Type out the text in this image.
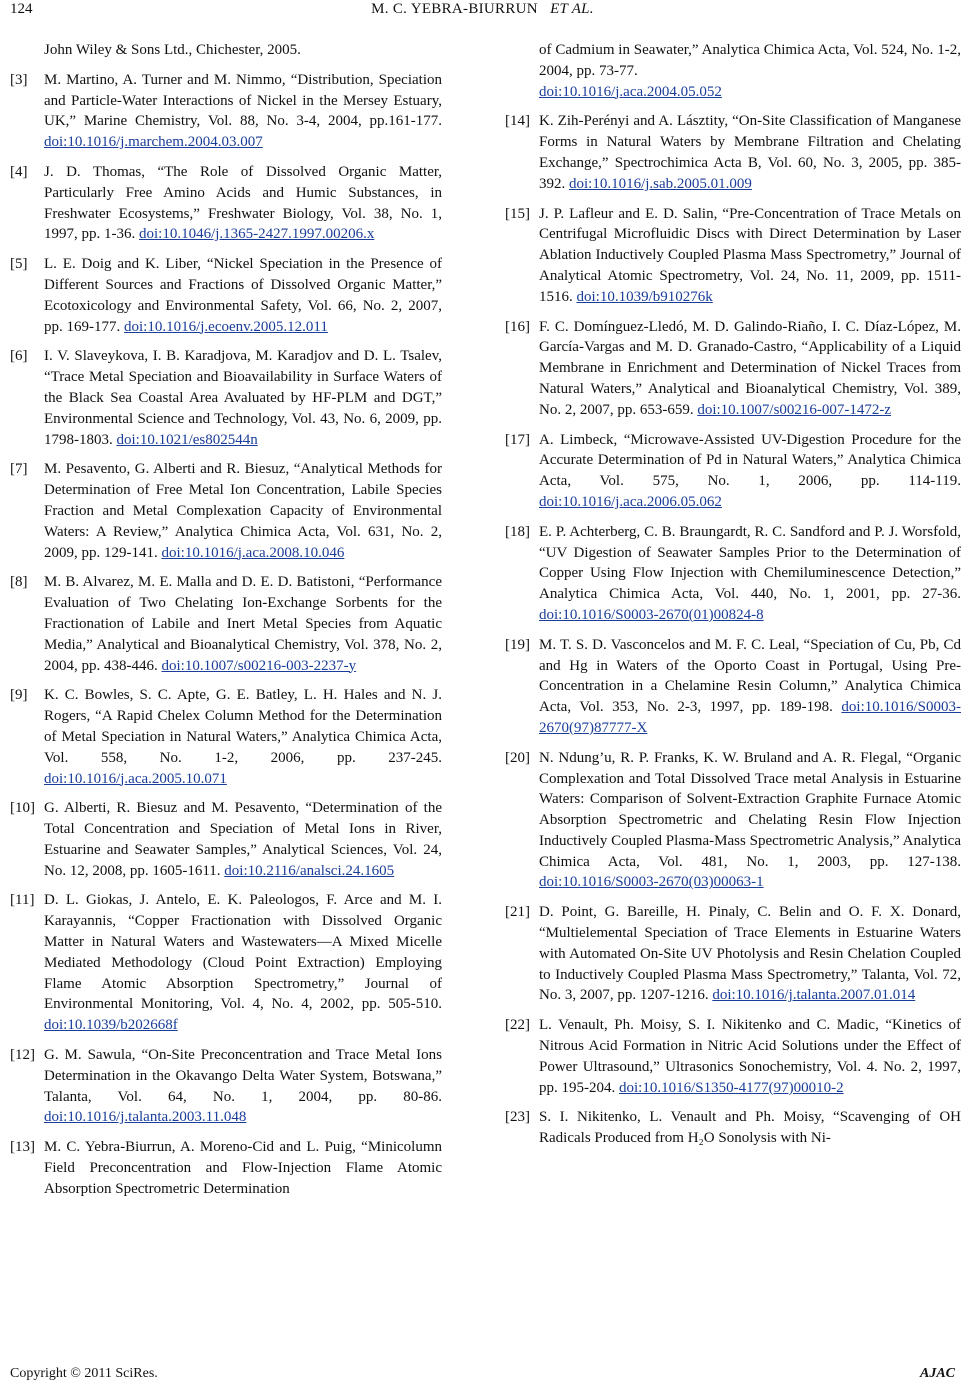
124	M. C. YEBRA-BIURRUN ET AL.
John Wiley & Sons Ltd., Chichester, 2005.
[3] M. Martino, A. Turner and M. Nimmo, “Distribution, Speciation and Particle-Water Interactions of Nickel in the Mersey Estuary, UK,” Marine Chemistry, Vol. 88, No. 3-4, 2004, pp.161-177. doi:10.1016/j.marchem.2004.03.007
[4] J. D. Thomas, “The Role of Dissolved Organic Matter, Particularly Free Amino Acids and Humic Substances, in Freshwater Ecosystems,” Freshwater Biology, Vol. 38, No. 1, 1997, pp. 1-36. doi:10.1046/j.1365-2427.1997.00206.x
[5] L. E. Doig and K. Liber, “Nickel Speciation in the Presence of Different Sources and Fractions of Dissolved Organic Matter,” Ecotoxicology and Environmental Safety, Vol. 66, No. 2, 2007, pp. 169-177. doi:10.1016/j.ecoenv.2005.12.011
[6] I. V. Slaveykova, I. B. Karadjova, M. Karadjov and D. L. Tsalev, “Trace Metal Speciation and Bioavailability in Surface Waters of the Black Sea Coastal Area Avaluated by HF-PLM and DGT,” Environmental Science and Technology, Vol. 43, No. 6, 2009, pp. 1798-1803. doi:10.1021/es802544n
[7] M. Pesavento, G. Alberti and R. Biesuz, “Analytical Methods for Determination of Free Metal Ion Concentration, Labile Species Fraction and Metal Complexation Capacity of Environmental Waters: A Review,” Analytica Chimica Acta, Vol. 631, No. 2, 2009, pp. 129-141. doi:10.1016/j.aca.2008.10.046
[8] M. B. Alvarez, M. E. Malla and D. E. D. Batistoni, “Performance Evaluation of Two Chelating Ion-Exchange Sorbents for the Fractionation of Labile and Inert Metal Species from Aquatic Media,” Analytical and Bioanalytical Chemistry, Vol. 378, No. 2, 2004, pp. 438-446. doi:10.1007/s00216-003-2237-y
[9] K. C. Bowles, S. C. Apte, G. E. Batley, L. H. Hales and N. J. Rogers, “A Rapid Chelex Column Method for the Determination of Metal Speciation in Natural Waters,” Analytica Chimica Acta, Vol. 558, No. 1-2, 2006, pp. 237-245. doi:10.1016/j.aca.2005.10.071
[10] G. Alberti, R. Biesuz and M. Pesavento, “Determination of the Total Concentration and Speciation of Metal Ions in River, Estuarine and Seawater Samples,” Analytical Sciences, Vol. 24, No. 12, 2008, pp. 1605-1611. doi:10.2116/analsci.24.1605
[11] D. L. Giokas, J. Antelo, E. K. Paleologos, F. Arce and M. I. Karayannis, “Copper Fractionation with Dissolved Organic Matter in Natural Waters and Wastewaters—A Mixed Micelle Mediated Methodology (Cloud Point Extraction) Employing Flame Atomic Absorption Spectrometry,” Journal of Environmental Monitoring, Vol. 4, No. 4, 2002, pp. 505-510. doi:10.1039/b202668f
[12] G. M. Sawula, “On-Site Preconcentration and Trace Metal Ions Determination in the Okavango Delta Water System, Botswana,” Talanta, Vol. 64, No. 1, 2004, pp. 80-86. doi:10.1016/j.talanta.2003.11.048
[13] M. C. Yebra-Biurrun, A. Moreno-Cid and L. Puig, “Minicolumn Field Preconcentration and Flow-Injection Flame Atomic Absorption Spectrometric Determination
of Cadmium in Seawater,” Analytica Chimica Acta, Vol. 524, No. 1-2, 2004, pp. 73-77.
doi:10.1016/j.aca.2004.05.052
[14] K. Zih-Perényi and A. Lásztity, “On-Site Classification of Manganese Forms in Natural Waters by Membrane Filtration and Chelating Exchange,” Spectrochimica Acta B, Vol. 60, No. 3, 2005, pp. 385-392. doi:10.1016/j.sab.2005.01.009
[15] J. P. Lafleur and E. D. Salin, “Pre-Concentration of Trace Metals on Centrifugal Microfluidic Discs with Direct Determination by Laser Ablation Inductively Coupled Plasma Mass Spectrometry,” Journal of Analytical Atomic Spectrometry, Vol. 24, No. 11, 2009, pp. 1511-1516. doi:10.1039/b910276k
[16] F. C. Domínguez-Lledó, M. D. Galindo-Riaño, I. C. Díaz-López, M. García-Vargas and M. D. Granado-Castro, “Applicability of a Liquid Membrane in Enrichment and Determination of Nickel Traces from Natural Waters,” Analytical and Bioanalytical Chemistry, Vol. 389, No. 2, 2007, pp. 653-659. doi:10.1007/s00216-007-1472-z
[17] A. Limbeck, “Microwave-Assisted UV-Digestion Procedure for the Accurate Determination of Pd in Natural Waters,” Analytica Chimica Acta, Vol. 575, No. 1, 2006, pp. 114-119. doi:10.1016/j.aca.2006.05.062
[18] E. P. Achterberg, C. B. Braungardt, R. C. Sandford and P. J. Worsfold, “UV Digestion of Seawater Samples Prior to the Determination of Copper Using Flow Injection with Chemiluminescence Detection,” Analytica Chimica Acta, Vol. 440, No. 1, 2001, pp. 27-36. doi:10.1016/S0003-2670(01)00824-8
[19] M. T. S. D. Vasconcelos and M. F. C. Leal, “Speciation of Cu, Pb, Cd and Hg in Waters of the Oporto Coast in Portugal, Using Pre-Concentration in a Chelamine Resin Column,” Analytica Chimica Acta, Vol. 353, No. 2-3, 1997, pp. 189-198. doi:10.1016/S0003-2670(97)87777-X
[20] N. Ndung’u, R. P. Franks, K. W. Bruland and A. R. Flegal, “Organic Complexation and Total Dissolved Trace metal Analysis in Estuarine Waters: Comparison of Solvent-Extraction Graphite Furnace Atomic Absorption Spectrometric and Chelating Resin Flow Injection Inductively Coupled Plasma-Mass Spectrometric Analysis,” Analytica Chimica Acta, Vol. 481, No. 1, 2003, pp. 127-138. doi:10.1016/S0003-2670(03)00063-1
[21] D. Point, G. Bareille, H. Pinaly, C. Belin and O. F. X. Donard, “Multielemental Speciation of Trace Elements in Estuarine Waters with Automated On-Site UV Photolysis and Resin Chelation Coupled to Inductively Coupled Plasma Mass Spectrometry,” Talanta, Vol. 72, No. 3, 2007, pp. 1207-1216. doi:10.1016/j.talanta.2007.01.014
[22] L. Venault, Ph. Moisy, S. I. Nikitenko and C. Madic, “Kinetics of Nitrous Acid Formation in Nitric Acid Solutions under the Effect of Power Ultrasound,” Ultrasonics Sonochemistry, Vol. 4. No. 2, 1997, pp. 195-204. doi:10.1016/S1350-4177(97)00010-2
[23] S. I. Nikitenko, L. Venault and Ph. Moisy, “Scavenging of OH Radicals Produced from H₂O Sonolysis with Ni-
Copyright © 2011 SciRes.	AJAC
